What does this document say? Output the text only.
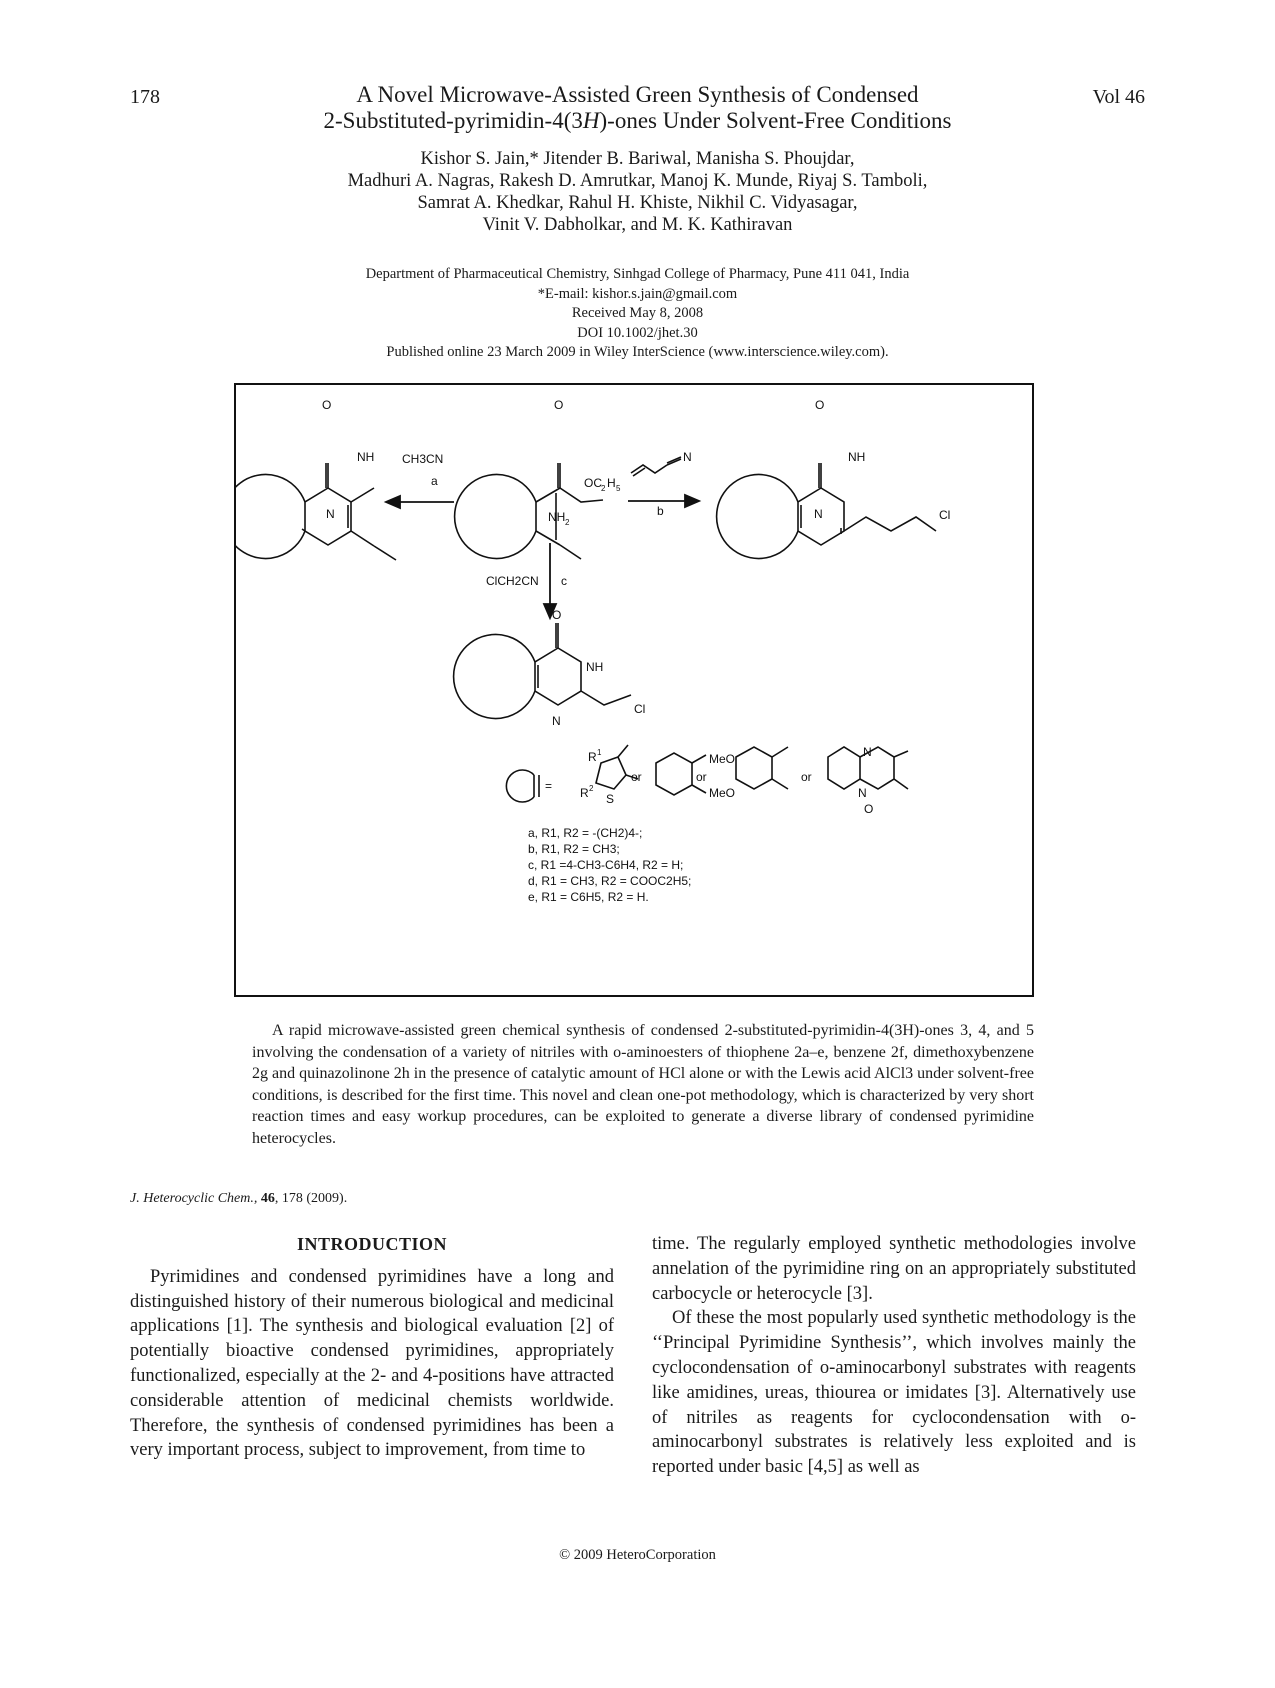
178	Vol 46
A Novel Microwave-Assisted Green Synthesis of Condensed
2-Substituted-pyrimidin-4(3H)-ones Under Solvent-Free Conditions
Kishor S. Jain,* Jitender B. Bariwal, Manisha S. Phoujdar,
Madhuri A. Nagras, Rakesh D. Amrutkar, Manoj K. Munde, Riyaj S. Tamboli,
Samrat A. Khedkar, Rahul H. Khiste, Nikhil C. Vidyasagar,
Vinit V. Dabholkar, and M. K. Kathiravan
Department of Pharmaceutical Chemistry, Sinhgad College of Pharmacy, Pune 411 041, India
*E-mail: kishor.s.jain@gmail.com
Received May 8, 2008
DOI 10.1002/jhet.30
Published online 23 March 2009 in Wiley InterScience (www.interscience.wiley.com).
O
NH
N
O
OC 2 H 5
NH 2
O
NH
N	Cl
N
O
NH
N
Cl
R 1
R 2
S
MeO
MeO
N
N
O
CH3CN
a
b
ClCH2CN c
=
or	or	or
a, R1, R2 = -(CH2)4-;
b, R1, R2 = CH3;
c, R1 =4-CH3-C6H4, R2 = H;
d, R1 = CH3, R2 = COOC2H5;
e, R1 = C6H5, R2 = H.
A rapid microwave-assisted green chemical synthesis of condensed 2-substituted-pyrimidin-4(3H)-ones 3, 4, and 5 involving the condensation of a variety of nitriles with o-aminoesters of thiophene 2a–e, benzene 2f, dimethoxybenzene 2g and quinazolinone 2h in the presence of catalytic amount of HCl alone or with the Lewis acid AlCl3 under solvent-free conditions, is described for the first time. This novel and clean one-pot methodology, which is characterized by very short reaction times and easy workup procedures, can be exploited to generate a diverse library of condensed pyrimidine heterocycles.
J. Heterocyclic Chem., 46, 178 (2009).

INTRODUCTION

Pyrimidines and condensed pyrimidines have a long and distinguished history of their numerous biological and medicinal applications [1]. The synthesis and biological evaluation [2] of potentially bioactive condensed pyrimidines, appropriately functionalized, especially at the 2- and 4-positions have attracted considerable attention of medicinal chemists worldwide. Therefore, the synthesis of condensed pyrimidines has been a very important process, subject to improvement, from time to

time. The regularly employed synthetic methodologies involve annelation of the pyrimidine ring on an appropriately substituted carbocycle or heterocycle [3].

Of these the most popularly used synthetic methodology is the ‘‘Principal Pyrimidine Synthesis’’, which involves mainly the cyclocondensation of o-aminocarbonyl substrates with reagents like amidines, ureas, thiourea or imidates [3]. Alternatively use of nitriles as reagents for cyclocondensation with o-aminocarbonyl substrates is relatively less exploited and is reported under basic [4,5] as well as

© 2009 HeteroCorporation
